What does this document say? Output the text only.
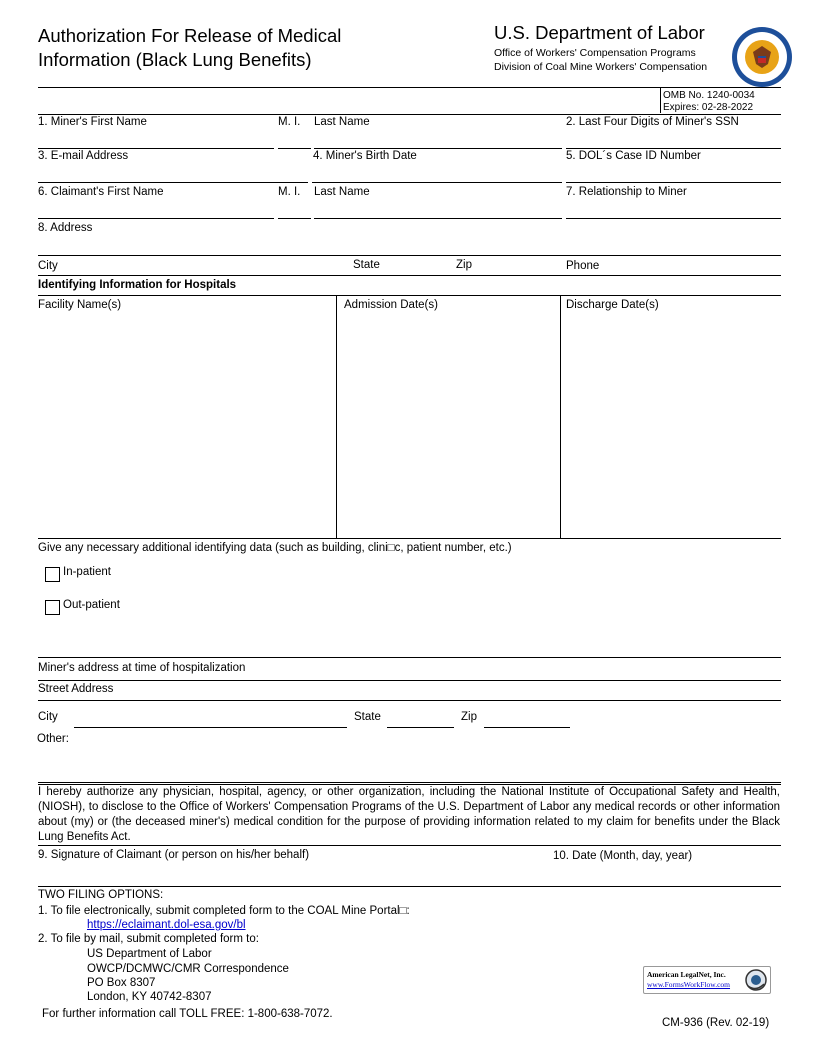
Authorization For Release of Medical
Information (Black Lung Benefits)
U.S. Department of Labor
Office of Workers' Compensation Programs
Division of Coal Mine Workers' Compensation
OMB No. 1240-0034
Expires: 02-28-2022
1. Miner's First Name	M. I. Last Name	2. Last Four Digits of Miner's SSN
3. E-mail Address	4. Miner's Birth Date	5. DOL´s Case ID Number
6. Claimant's First Name	M. I. Last Name	7. Relationship to Miner
8. Address
City	State	Zip	Phone
Identifying Information for Hospitals
Facility Name(s)	Admission Date(s)	Discharge Date(s)
Give any necessary additional identifying data (such as building, clini□c, patient number, etc.)
In-patient
Out-patient
Miner's address at time of hospitalization
Street Address
City	State	Zip
Other:
I hereby authorize any physician, hospital, agency, or other organization, including the National Institute of Occupational Safety and Health, (NIOSH), to disclose to the Office of Workers' Compensation Programs of the U.S. Department of Labor any medical records or other information about (my) or (the deceased miner's) medical condition for the purpose of providing information related to my claim for benefits under the Black Lung Benefits Act.
9. Signature of Claimant (or person on his/her behalf)	10. Date (Month, day, year)
TWO FILING OPTIONS:
1. To file electronically, submit completed form to the COAL Mine Portal□:
https://eclaimant.dol-esa.gov/bl
2. To file by mail, submit completed form to:
US Department of Labor
OWCP/DCMWC/CMR Correspondence
PO Box 8307
London, KY 40742-8307
For further information call TOLL FREE: 1-800-638-7072.
American LegalNet, Inc.
www.FormsWorkFlow.com
CM-936 (Rev. 02-19)
